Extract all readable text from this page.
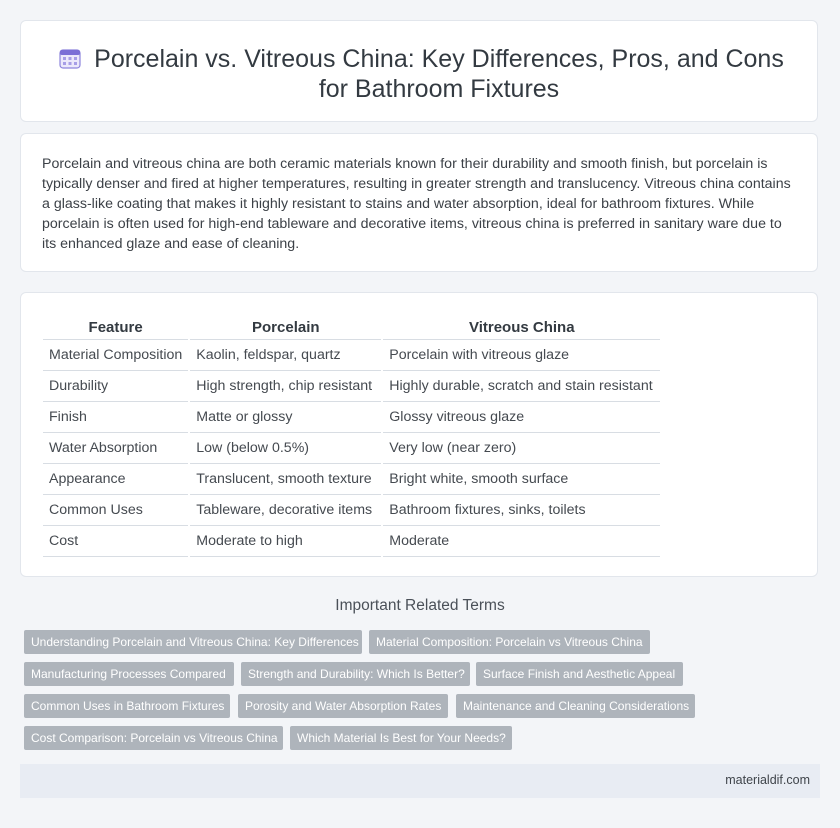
Porcelain vs. Vitreous China: Key Differences, Pros, and Cons for Bathroom Fixtures

Porcelain and vitreous china are both ceramic materials known for their durability and smooth finish, but porcelain is typically denser and fired at higher temperatures, resulting in greater strength and translucency. Vitreous china contains a glass-like coating that makes it highly resistant to stains and water absorption, ideal for bathroom fixtures. While porcelain is often used for high-end tableware and decorative items, vitreous china is preferred in sanitary ware due to its enhanced glaze and ease of cleaning.

Feature	Porcelain	Vitreous China
Material Composition	Kaolin, feldspar, quartz	Porcelain with vitreous glaze
Durability	High strength, chip resistant	Highly durable, scratch and stain resistant
Finish	Matte or glossy	Glossy vitreous glaze
Water Absorption	Low (below 0.5%)	Very low (near zero)
Appearance	Translucent, smooth texture	Bright white, smooth surface
Common Uses	Tableware, decorative items	Bathroom fixtures, sinks, toilets
Cost	Moderate to high	Moderate
Important Related Terms
Understanding Porcelain and Vitreous China: Key Differences	Material Composition: Porcelain vs Vitreous China
Manufacturing Processes Compared	Strength and Durability: Which Is Better?	Surface Finish and Aesthetic Appeal
Common Uses in Bathroom Fixtures	Porosity and Water Absorption Rates	Maintenance and Cleaning Considerations
Cost Comparison: Porcelain vs Vitreous China	Which Material Is Best for Your Needs?
materialdif.com
